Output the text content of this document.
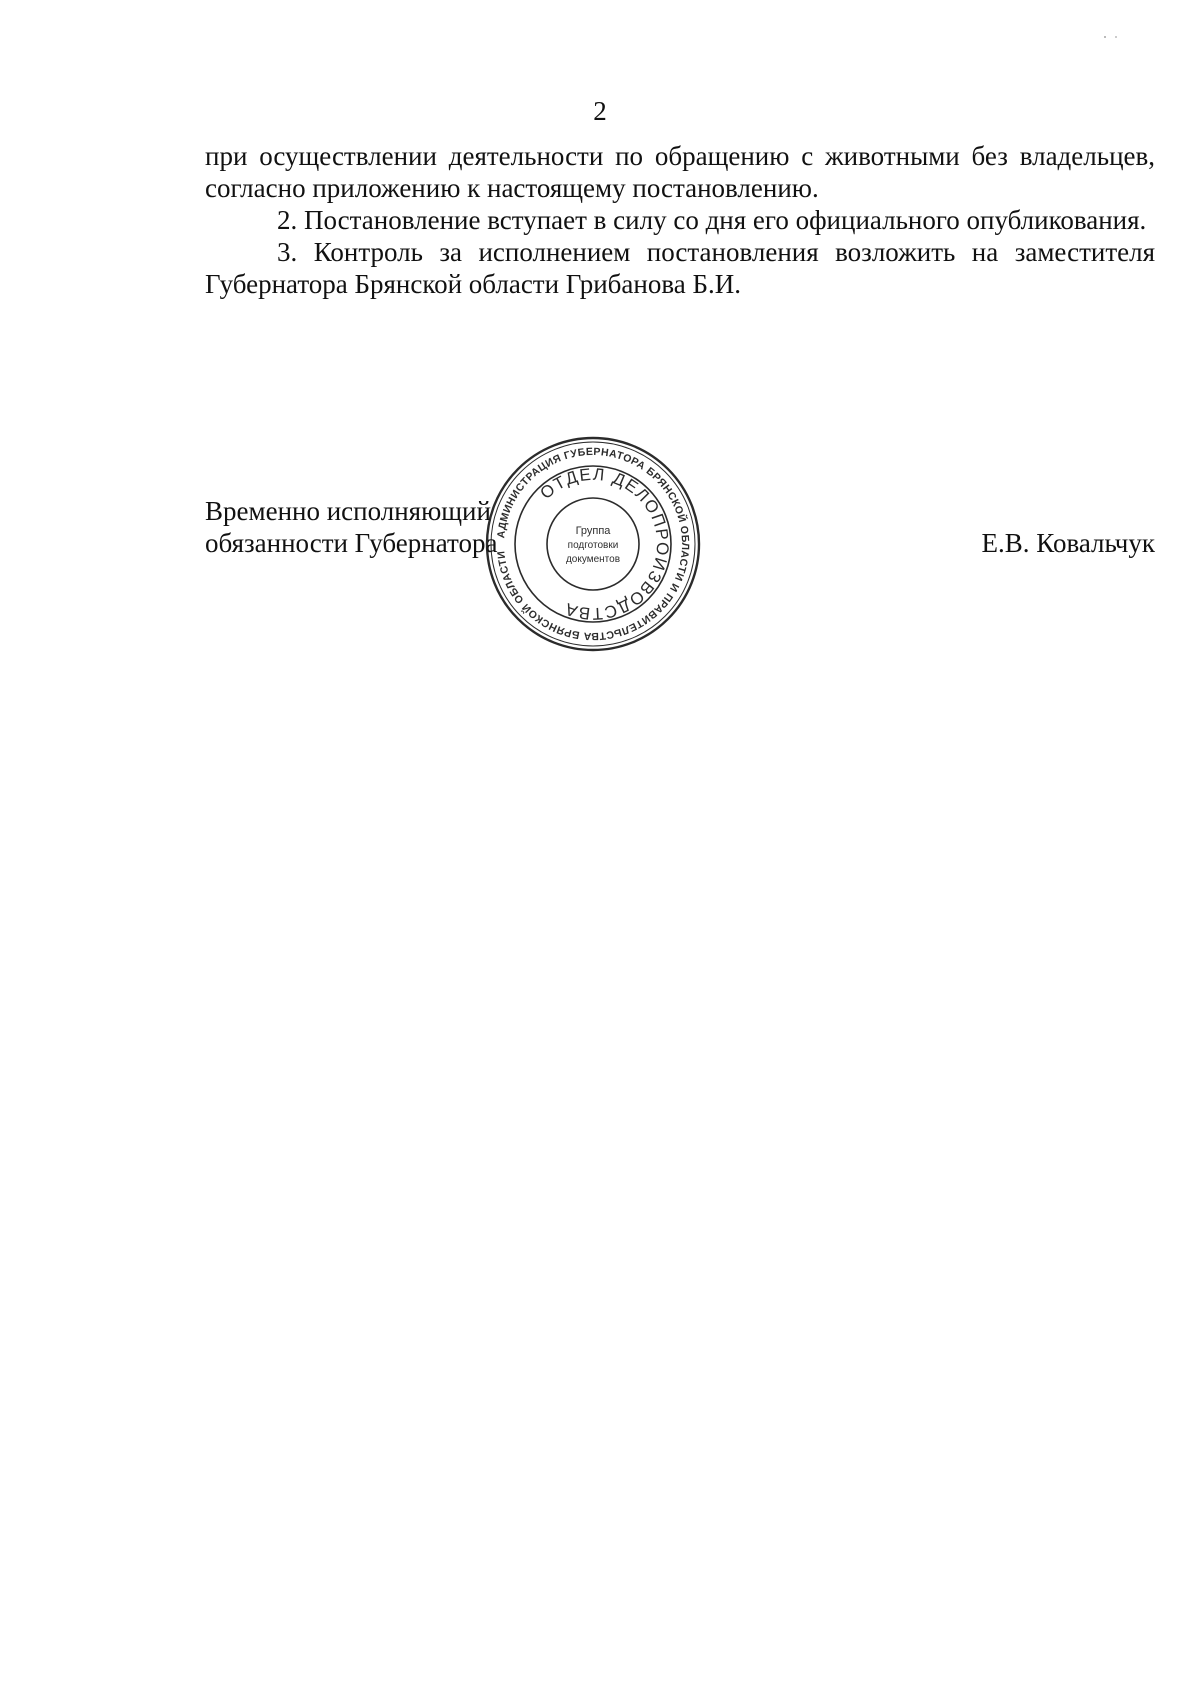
2

при осуществлении деятельности по обращению с животными без владельцев, согласно приложению к настоящему постановлению.

2. Постановление вступает в силу со дня его официального опубликования.

3. Контроль за исполнением постановления возложить на заместителя Губернатора Брянской области Грибанова Б.И.

Временно исполняющий
обязанности Губернатора	Е.В. Ковальчук
АДМИНИСТРАЦИЯ ГУБЕРНАТОРА БРЯНСКОЙ ОБЛАСТИ И ПРАВИТЕЛЬСТВА БРЯНСКОЙ ОБЛАСТИ
ОТДЕЛ ДЕЛОПРОИЗВОДСТВА
Группа
подготовки
документов
